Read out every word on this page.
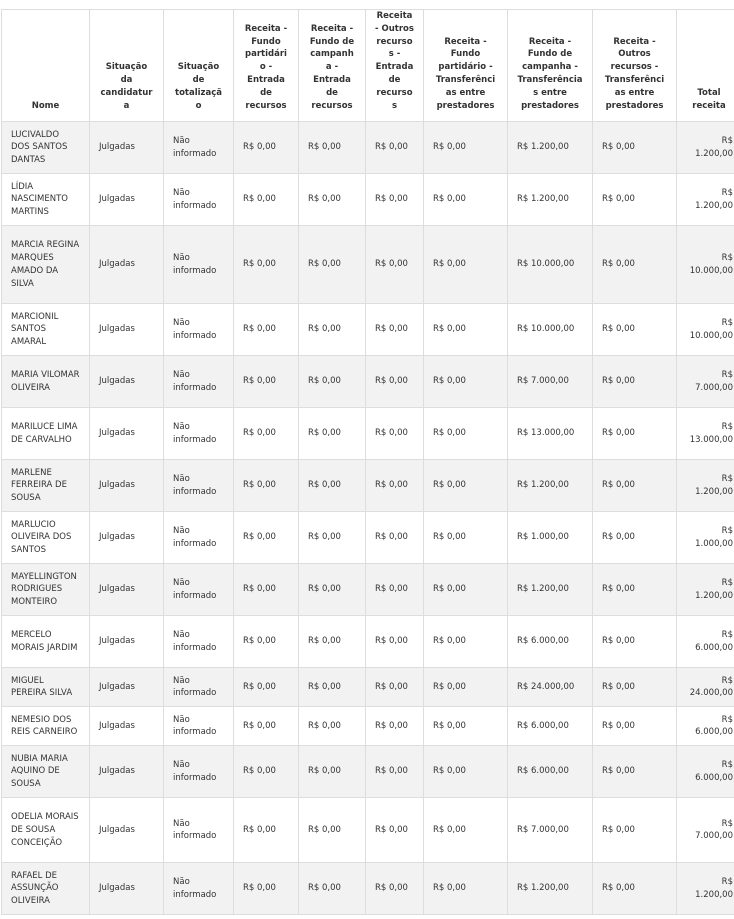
Nome	Situação da candidatura	Situação de totalização	Receita - Fundo partidário - Entrada de recursos	Receita - Fundo de campanha - Entrada de recursos	Receita - Outros recursos - Entrada de recursos	Receita - Fundo partidário - Transferências entre prestadores	Receita - Fundo de campanha - Transferências entre prestadores	Receita - Outros recursos - Transferências entre prestadores	Total receita
LUCIVALDO DOS SANTOS DANTAS	Julgadas	Não informado	R$ 0,00	R$ 0,00	R$ 0,00	R$ 0,00	R$ 1.200,00	R$ 0,00	R$ 1.200,00
LÍDIA NASCIMENTO MARTINS	Julgadas	Não informado	R$ 0,00	R$ 0,00	R$ 0,00	R$ 0,00	R$ 1.200,00	R$ 0,00	R$ 1.200,00
MARCIA REGINA MARQUES AMADO DA SILVA	Julgadas	Não informado	R$ 0,00	R$ 0,00	R$ 0,00	R$ 0,00	R$ 10.000,00	R$ 0,00	R$ 10.000,00
MARCIONIL SANTOS AMARAL	Julgadas	Não informado	R$ 0,00	R$ 0,00	R$ 0,00	R$ 0,00	R$ 10.000,00	R$ 0,00	R$ 10.000,00
MARIA VILOMAR OLIVEIRA	Julgadas	Não informado	R$ 0,00	R$ 0,00	R$ 0,00	R$ 0,00	R$ 7.000,00	R$ 0,00	R$ 7.000,00
MARILUCE LIMA DE CARVALHO	Julgadas	Não informado	R$ 0,00	R$ 0,00	R$ 0,00	R$ 0,00	R$ 13.000,00	R$ 0,00	R$ 13.000,00
MARLENE FERREIRA DE SOUSA	Julgadas	Não informado	R$ 0,00	R$ 0,00	R$ 0,00	R$ 0,00	R$ 1.200,00	R$ 0,00	R$ 1.200,00
MARLUCIO OLIVEIRA DOS SANTOS	Julgadas	Não informado	R$ 0,00	R$ 0,00	R$ 0,00	R$ 0,00	R$ 1.000,00	R$ 0,00	R$ 1.000,00
MAYELLINGTON RODRIGUES MONTEIRO	Julgadas	Não informado	R$ 0,00	R$ 0,00	R$ 0,00	R$ 0,00	R$ 1.200,00	R$ 0,00	R$ 1.200,00
MERCELO MORAIS JARDIM	Julgadas	Não informado	R$ 0,00	R$ 0,00	R$ 0,00	R$ 0,00	R$ 6.000,00	R$ 0,00	R$ 6.000,00
MIGUEL PEREIRA SILVA	Julgadas	Não informado	R$ 0,00	R$ 0,00	R$ 0,00	R$ 0,00	R$ 24.000,00	R$ 0,00	R$ 24.000,00
NEMESIO DOS REIS CARNEIRO	Julgadas	Não informado	R$ 0,00	R$ 0,00	R$ 0,00	R$ 0,00	R$ 6.000,00	R$ 0,00	R$ 6.000,00
NUBIA MARIA AQUINO DE SOUSA	Julgadas	Não informado	R$ 0,00	R$ 0,00	R$ 0,00	R$ 0,00	R$ 6.000,00	R$ 0,00	R$ 6.000,00
ODELIA MORAIS DE SOUSA CONCEIÇÃO	Julgadas	Não informado	R$ 0,00	R$ 0,00	R$ 0,00	R$ 0,00	R$ 7.000,00	R$ 0,00	R$ 7.000,00
RAFAEL DE ASSUNÇÃO OLIVEIRA	Julgadas	Não informado	R$ 0,00	R$ 0,00	R$ 0,00	R$ 0,00	R$ 1.200,00	R$ 0,00	R$ 1.200,00
